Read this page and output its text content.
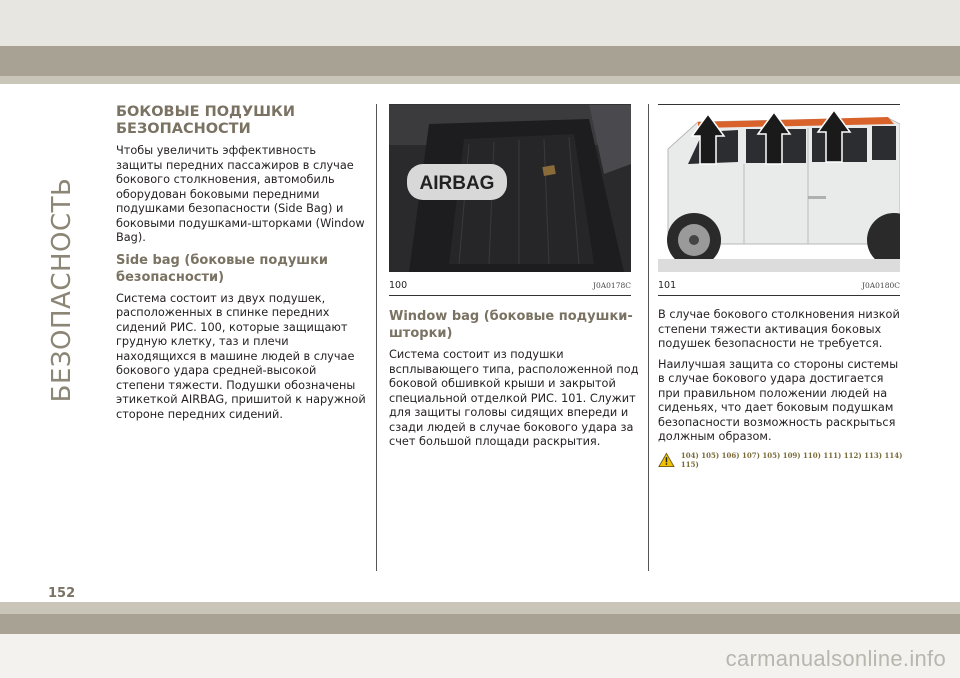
БЕЗОПАСНОСТЬ
БОКОВЫЕ ПОДУШКИ БЕЗОПАСНОСТИ

Чтобы увеличить эффективность защиты передних пассажиров в случае бокового столкновения, автомобиль оборудован боковыми передними подушками безопасности (Side Bag) и боковыми подушками-шторками (Window Bag).

Side bag (боковые подушки безопасности)

Система состоит из двух подушек, расположенных в спинке передних сидений РИС. 100, которые защищают грудную клетку, таз и плечи находящихся в машине людей в случае бокового удара средней-высокой степени тяжести. Подушки обозначены этикеткой AIRBAG, пришитой к наружной стороне передних сидений.

AIRBAG
100	J0A0178C
Window bag (боковые подушки-шторки)

Система состоит из подушки всплывающего типа, расположенной под боковой обшивкой крыши и закрытой специальной отделкой РИС. 101. Служит для защиты головы сидящих впереди и сзади людей в случае бокового удара за счет большой площади раскрытия.

101	J0A0180C

В случае бокового столкновения низкой степени тяжести активация боковых подушек безопасности не требуется.

Наилучшая защита со стороны системы в случае бокового удара достигается при правильном положении людей на сиденьях, что дает боковым подушкам безопасности возможность раскрыться должным образом.

104) 105) 106) 107) 105) 109) 110) 111) 112) 113) 114) 115)
152
carmanualsonline.info
